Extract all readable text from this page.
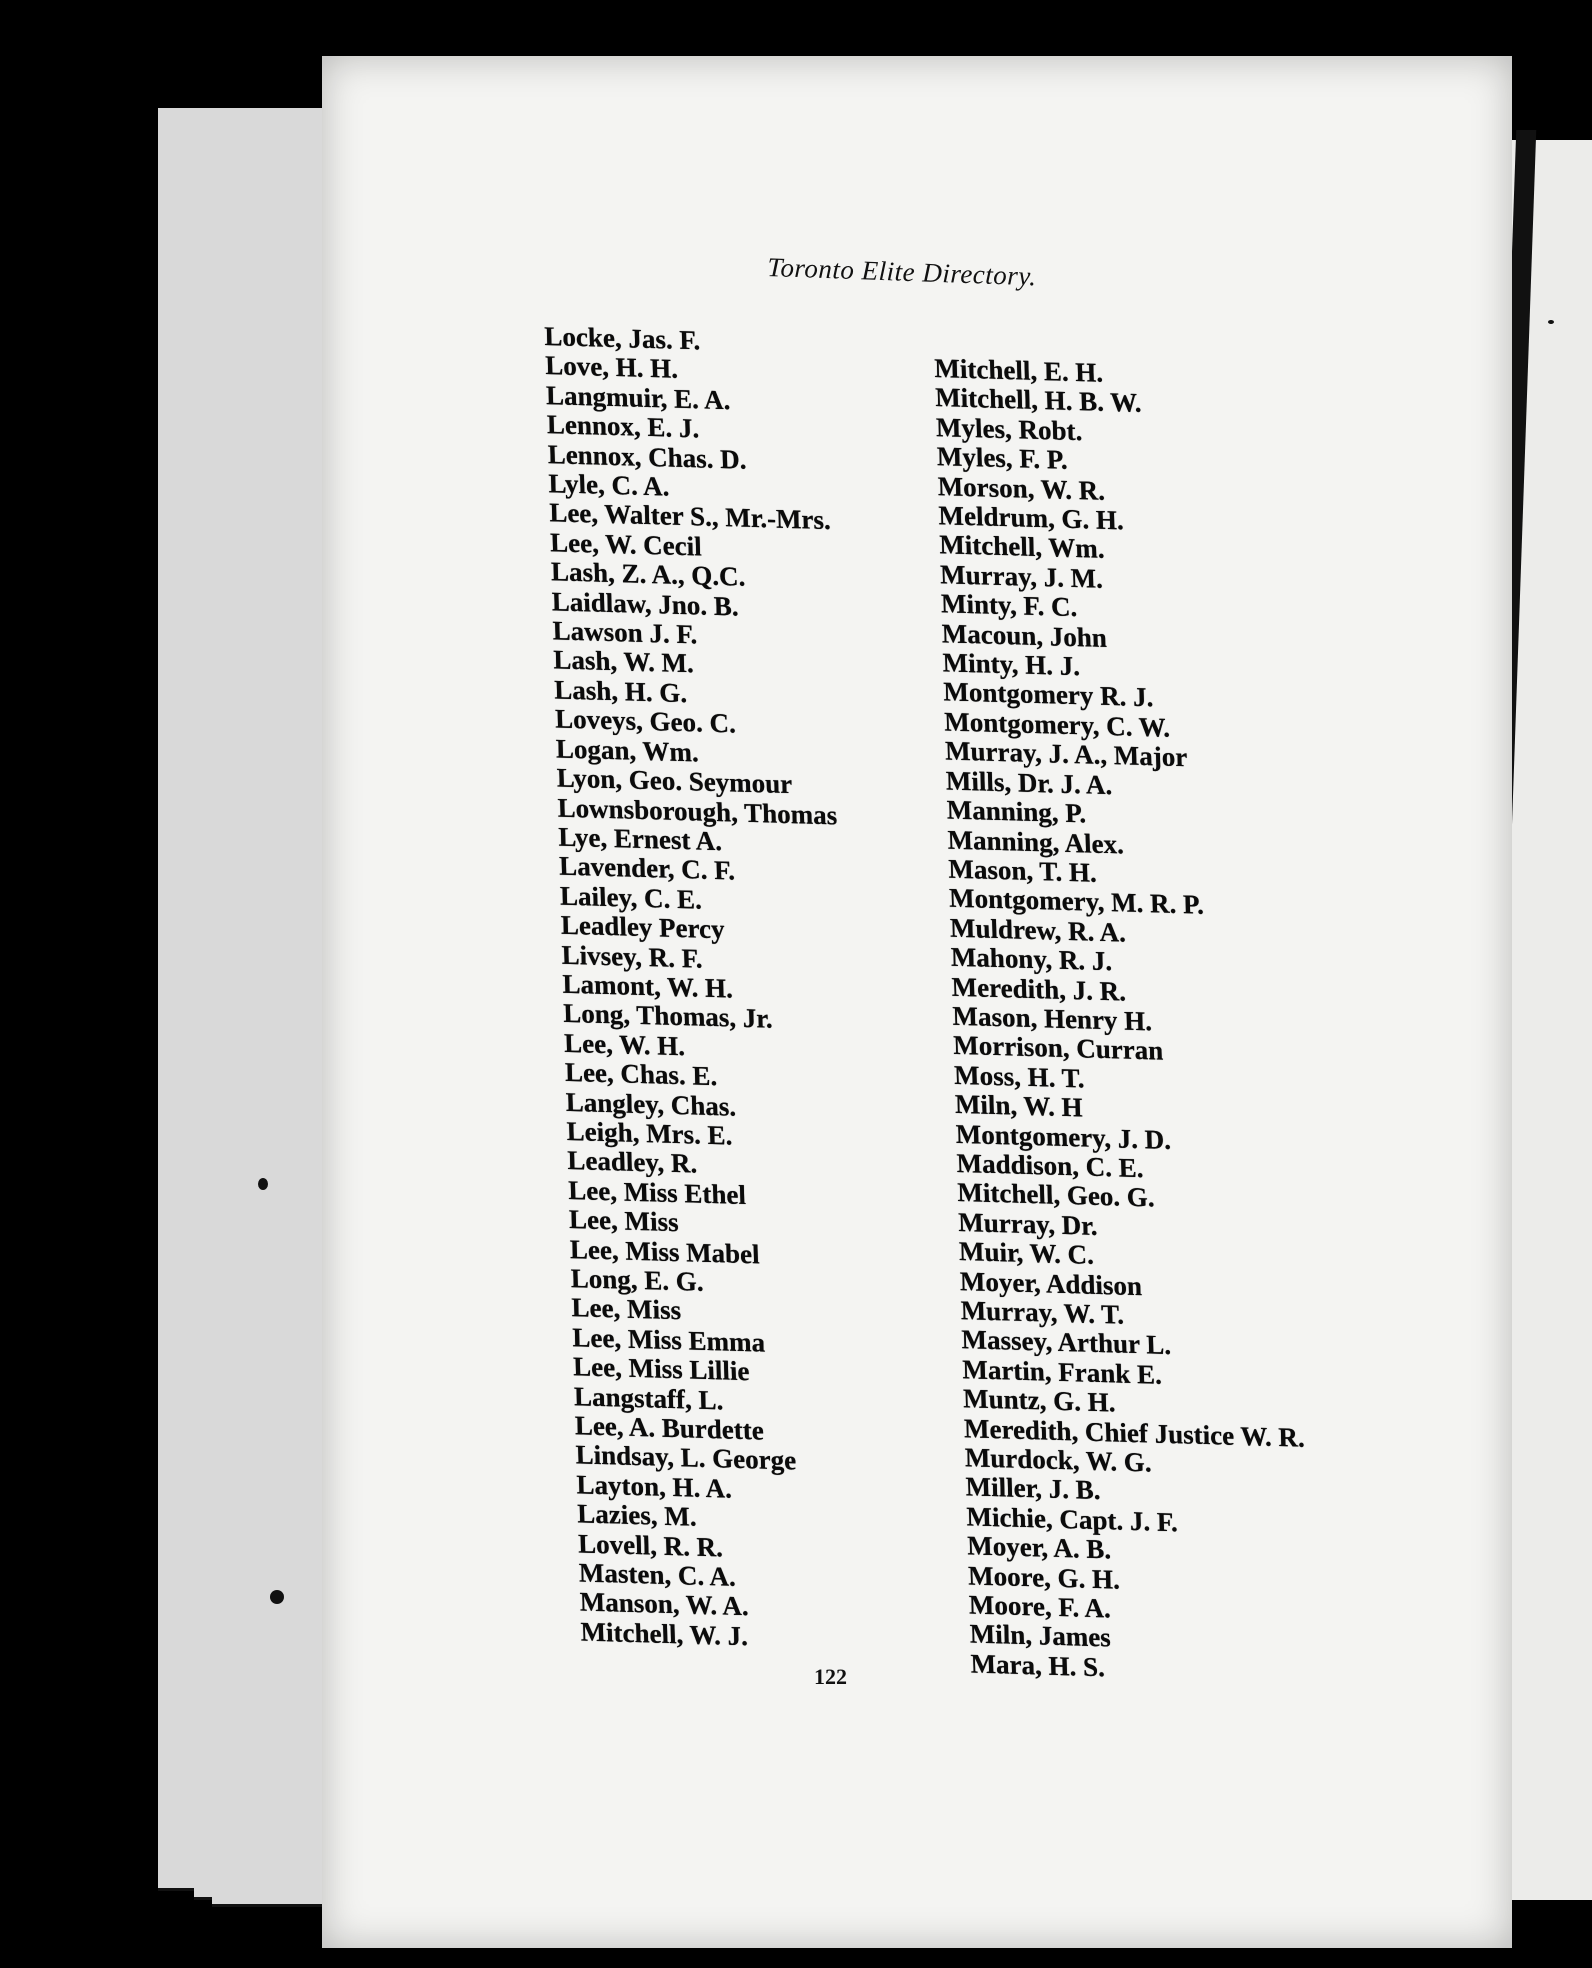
Toronto Elite Directory.
Locke, Jas. F.
Love, H. H.
Langmuir, E. A.
Lennox, E. J.
Lennox, Chas. D.
Lyle, C. A.
Lee, Walter S., Mr.-Mrs.
Lee, W. Cecil
Lash, Z. A., Q.C.
Laidlaw, Jno. B.
Lawson J. F.
Lash, W. M.
Lash, H. G.
Loveys, Geo. C.
Logan, Wm.
Lyon, Geo. Seymour
Lownsborough, Thomas
Lye, Ernest A.
Lavender, C. F.
Lailey, C. E.
Leadley Percy
Livsey, R. F.
Lamont, W. H.
Long, Thomas, Jr.
Lee, W. H.
Lee, Chas. E.
Langley, Chas.
Leigh, Mrs. E.
Leadley, R.
Lee, Miss Ethel
Lee, Miss
Lee, Miss Mabel
Long, E. G.
Lee, Miss
Lee, Miss Emma
Lee, Miss Lillie
Langstaff, L.
Lee, A. Burdette
Lindsay, L. George
Layton, H. A.
Lazies, M.
Lovell, R. R.
Masten, C. A.
Manson, W. A.
Mitchell, W. J.
Mitchell, E. H.
Mitchell, H. B. W.
Myles, Robt.
Myles, F. P.
Morson, W. R.
Meldrum, G. H.
Mitchell, Wm.
Murray, J. M.
Minty, F. C.
Macoun, John
Minty, H. J.
Montgomery R. J.
Montgomery, C. W.
Murray, J. A., Major
Mills, Dr. J. A.
Manning, P.
Manning, Alex.
Mason, T. H.
Montgomery, M. R. P.
Muldrew, R. A.
Mahony, R. J.
Meredith, J. R.
Mason, Henry H.
Morrison, Curran
Moss, H. T.
Miln, W. H
Montgomery, J. D.
Maddison, C. E.
Mitchell, Geo. G.
Murray, Dr.
Muir, W. C.
Moyer, Addison
Murray, W. T.
Massey, Arthur L.
Martin, Frank E.
Muntz, G. H.
Meredith, Chief Justice W. R.
Murdock, W. G.
Miller, J. B.
Michie, Capt. J. F.
Moyer, A. B.
Moore, G. H.
Moore, F. A.
Miln, James
Mara, H. S.
122
